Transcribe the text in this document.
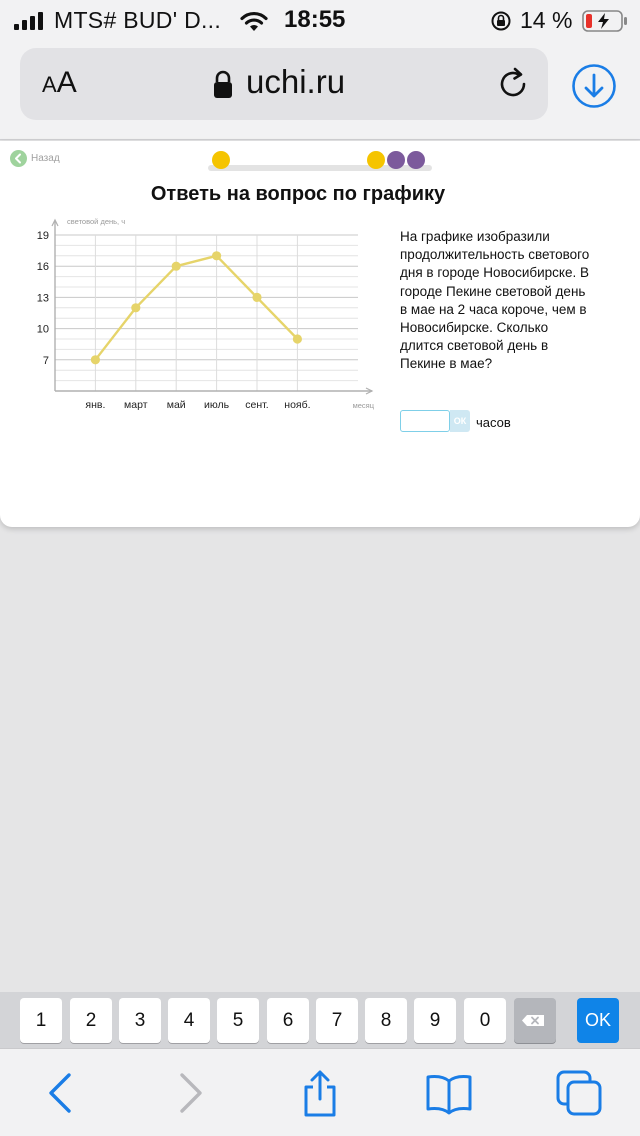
MTS# BUD' D...	18:55	14 %
AA	uchi.ru
Назад
Ответь на вопрос по графику
световой день, ч
месяц
7
10
13
16
19
янв. март май июль сент. нояб.
На графике изобразили продолжительность светового дня в городе Новосибирске. В городе Пекине световой день в мае на 2 часа короче, чем в Новосибирске. Сколько длится световой день в Пекине в мае?
ОК часов
1	2	3	4	5	6	7	8	9	0	OK
